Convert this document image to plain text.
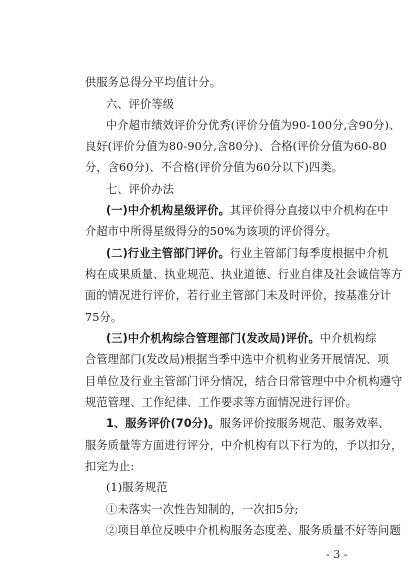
供服务总得分平均值计分。
六、评价等级
中介超市绩效评价分优秀(评价分值为90-100分,含90分)、
良好(评价分值为80-90分,含80分)、合格(评价分值为60-80
分，含60分)、不合格(评价分值为60分以下)四类。
七、评价办法
(一)中介机构星级评价。其评价得分直接以中介机构在中
介超市中所得星级得分的50%为该项的评价得分。
(二)行业主管部门评价。行业主管部门每季度根据中介机
构在成果质量、执业规范、执业道德、行业自律及社会诚信等方
面的情况进行评价，若行业主管部门未及时评价，按基准分计
75分。
(三)中介机构综合管理部门(发改局)评价。中介机构综
合管理部门(发改局)根据当季中选中介机构业务开展情况、项
目单位及行业主管部门评分情况，结合日常管理中中介机构遵守
规范管理、工作纪律、工作要求等方面情况进行评价。
1、服务评价(70分)。服务评价按服务规范、服务效率、
服务质量等方面进行评分，中介机构有以下行为的，予以扣分，
扣完为止:
(1)服务规范
①未落实一次性告知制的，一次扣5分;
②项目单位反映中介机构服务态度差、服务质量不好等问题
- 3 -
